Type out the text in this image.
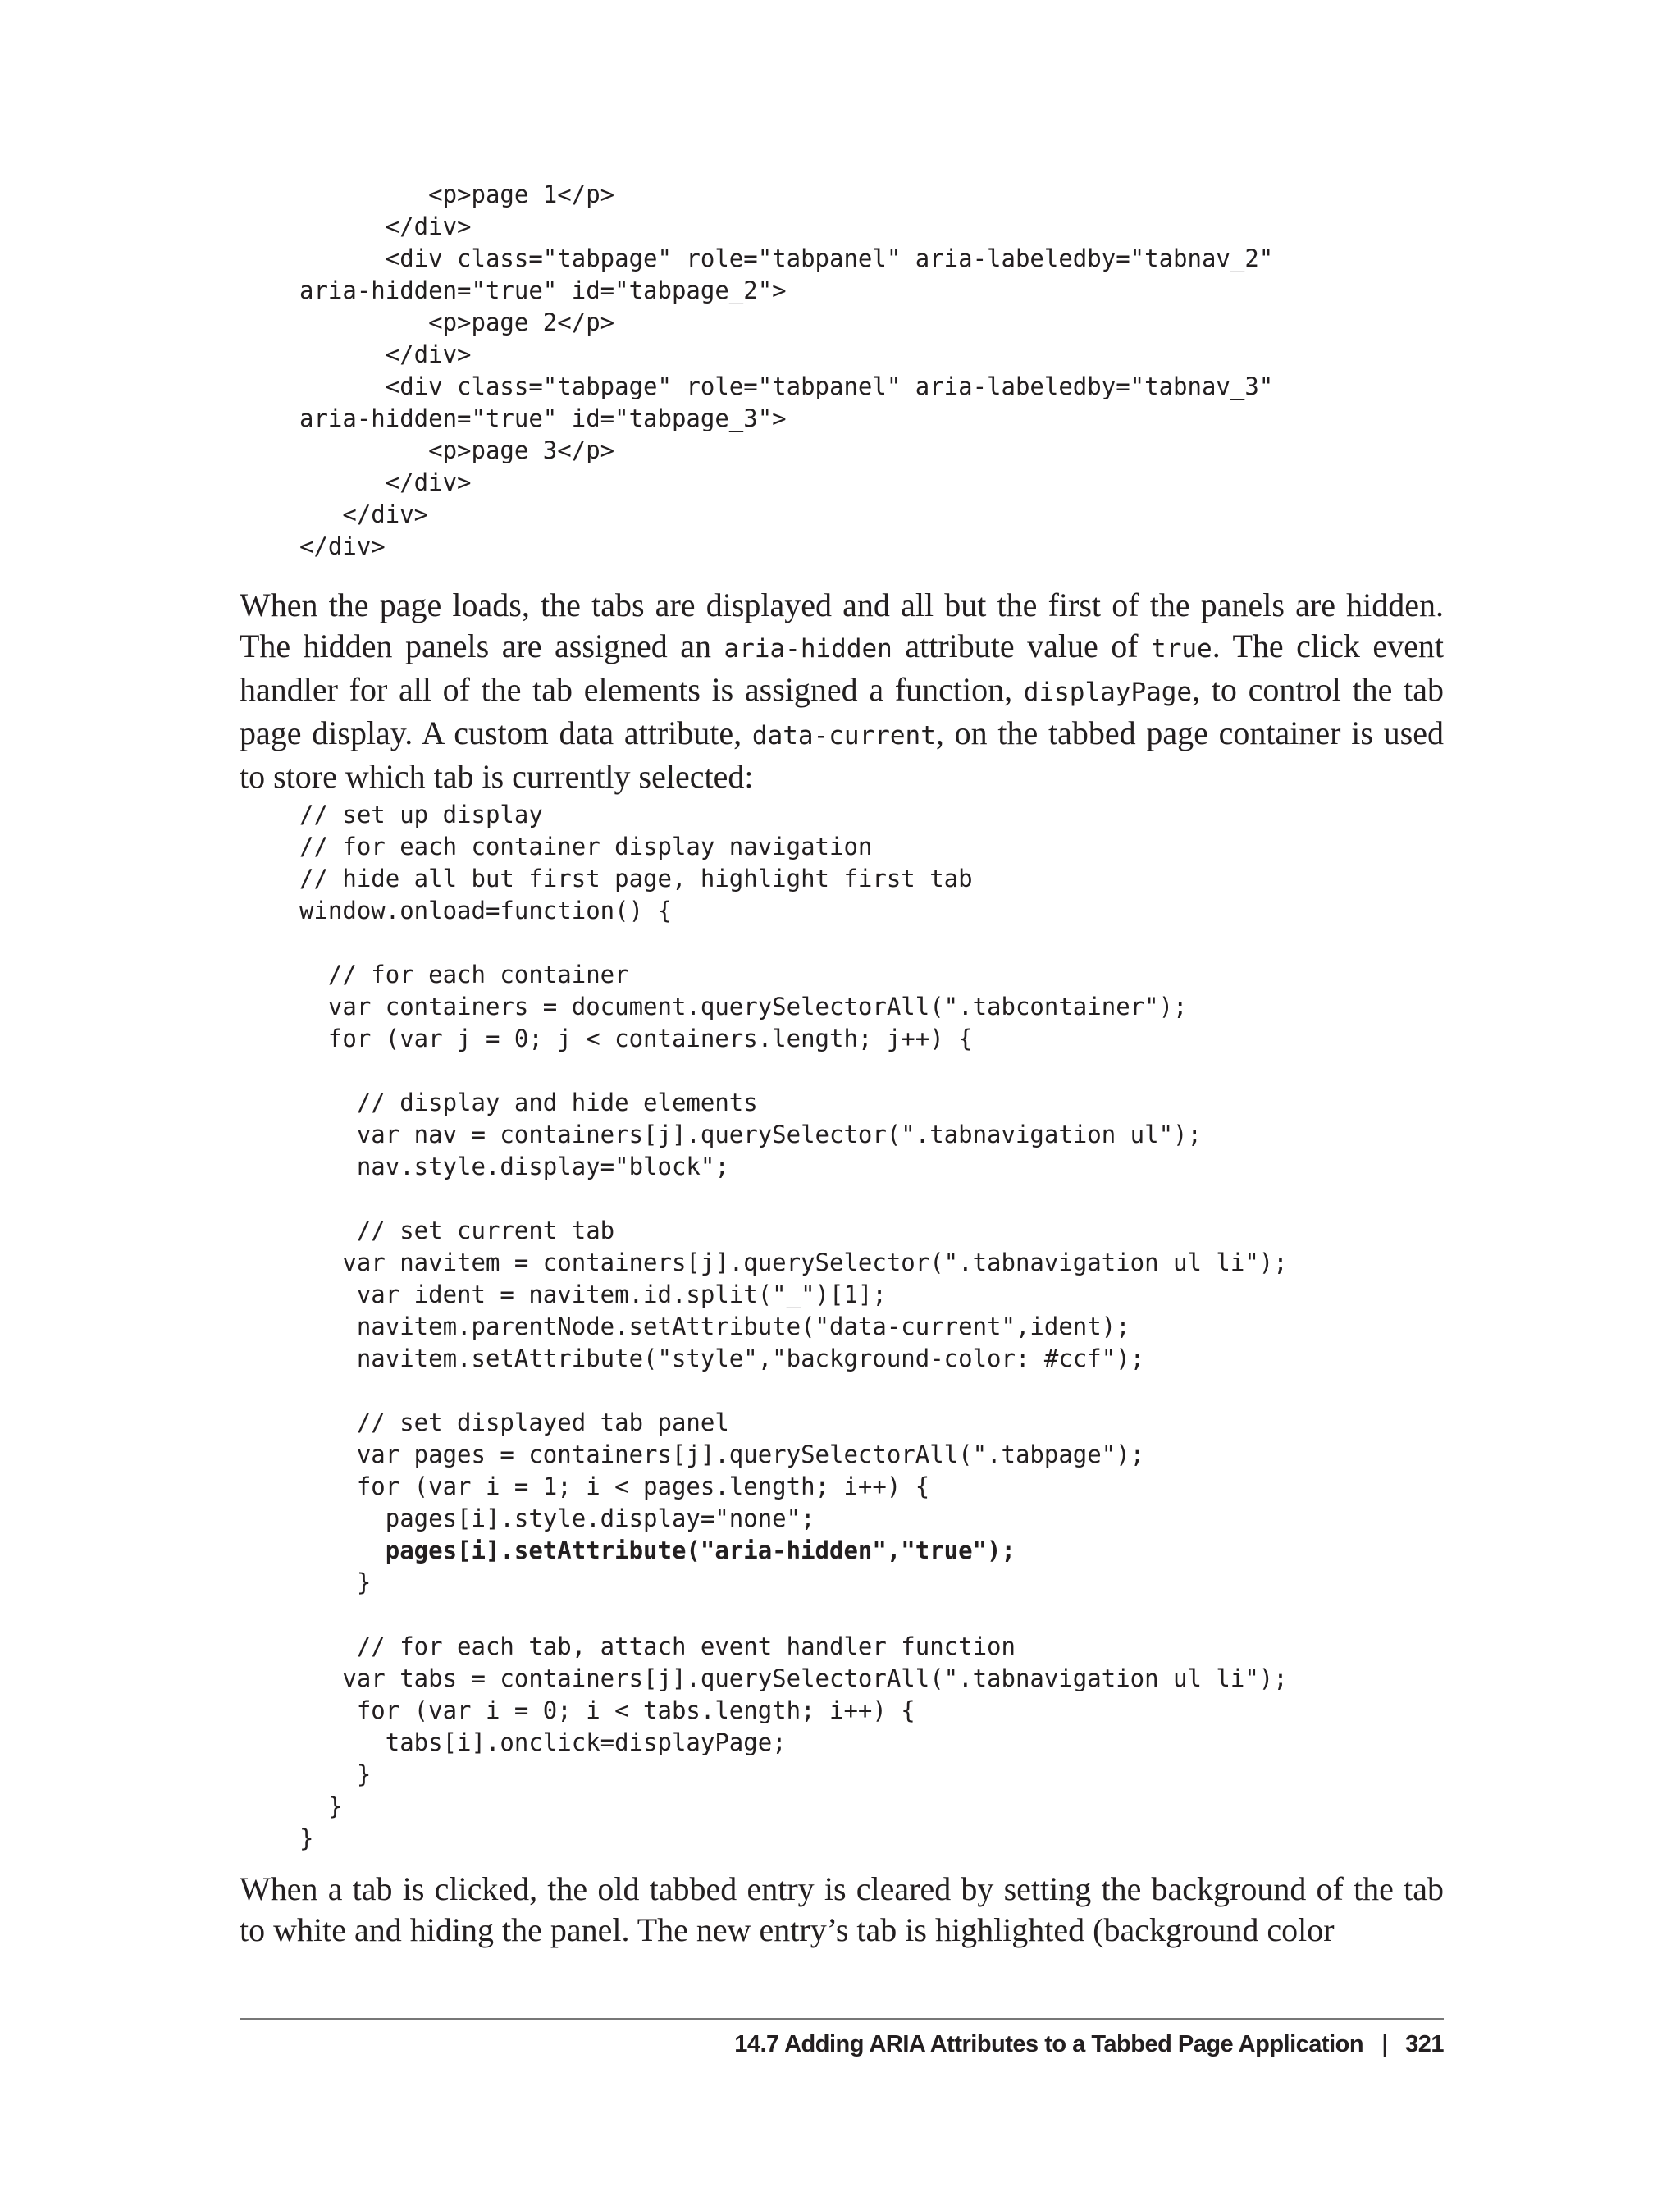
<p>page 1</p>
</div>
<div class="tabpage" role="tabpanel" aria-labeledby="tabnav_2"
aria-hidden="true" id="tabpage_2">
<p>page 2</p>
</div>
<div class="tabpage" role="tabpanel" aria-labeledby="tabnav_3"
aria-hidden="true" id="tabpage_3">
<p>page 3</p>
</div>
</div>
</div>

When the page loads, the tabs are displayed and all but the first of the panels are hidden. The hidden panels are assigned an aria-hidden attribute value of true. The click event handler for all of the tab elements is assigned a function, displayPage, to control the tab page display. A custom data attribute, data-current, on the tabbed page container is used to store which tab is currently selected:

// set up display
// for each container display navigation
// hide all but first page, highlight first tab
window.onload=function() {
// for each container
var containers = document.querySelectorAll(".tabcontainer");
for (var j = 0; j < containers.length; j++) {
// display and hide elements
var nav = containers[j].querySelector(".tabnavigation ul");
nav.style.display="block";
// set current tab
var navitem = containers[j].querySelector(".tabnavigation ul li");
var ident = navitem.id.split("_")[1];
navitem.parentNode.setAttribute("data-current",ident);
navitem.setAttribute("style","background-color: #ccf");
// set displayed tab panel
var pages = containers[j].querySelectorAll(".tabpage");
for (var i = 1; i < pages.length; i++) {
pages[i].style.display="none";
pages[i].setAttribute("aria-hidden","true");
}
// for each tab, attach event handler function
var tabs = containers[j].querySelectorAll(".tabnavigation ul li");
for (var i = 0; i < tabs.length; i++) {
tabs[i].onclick=displayPage;
}
}
}

When a tab is clicked, the old tabbed entry is cleared by setting the background of the tab to white and hiding the panel. The new entry’s tab is highlighted (background color

14.7 Adding ARIA Attributes to a Tabbed Page Application | 321
